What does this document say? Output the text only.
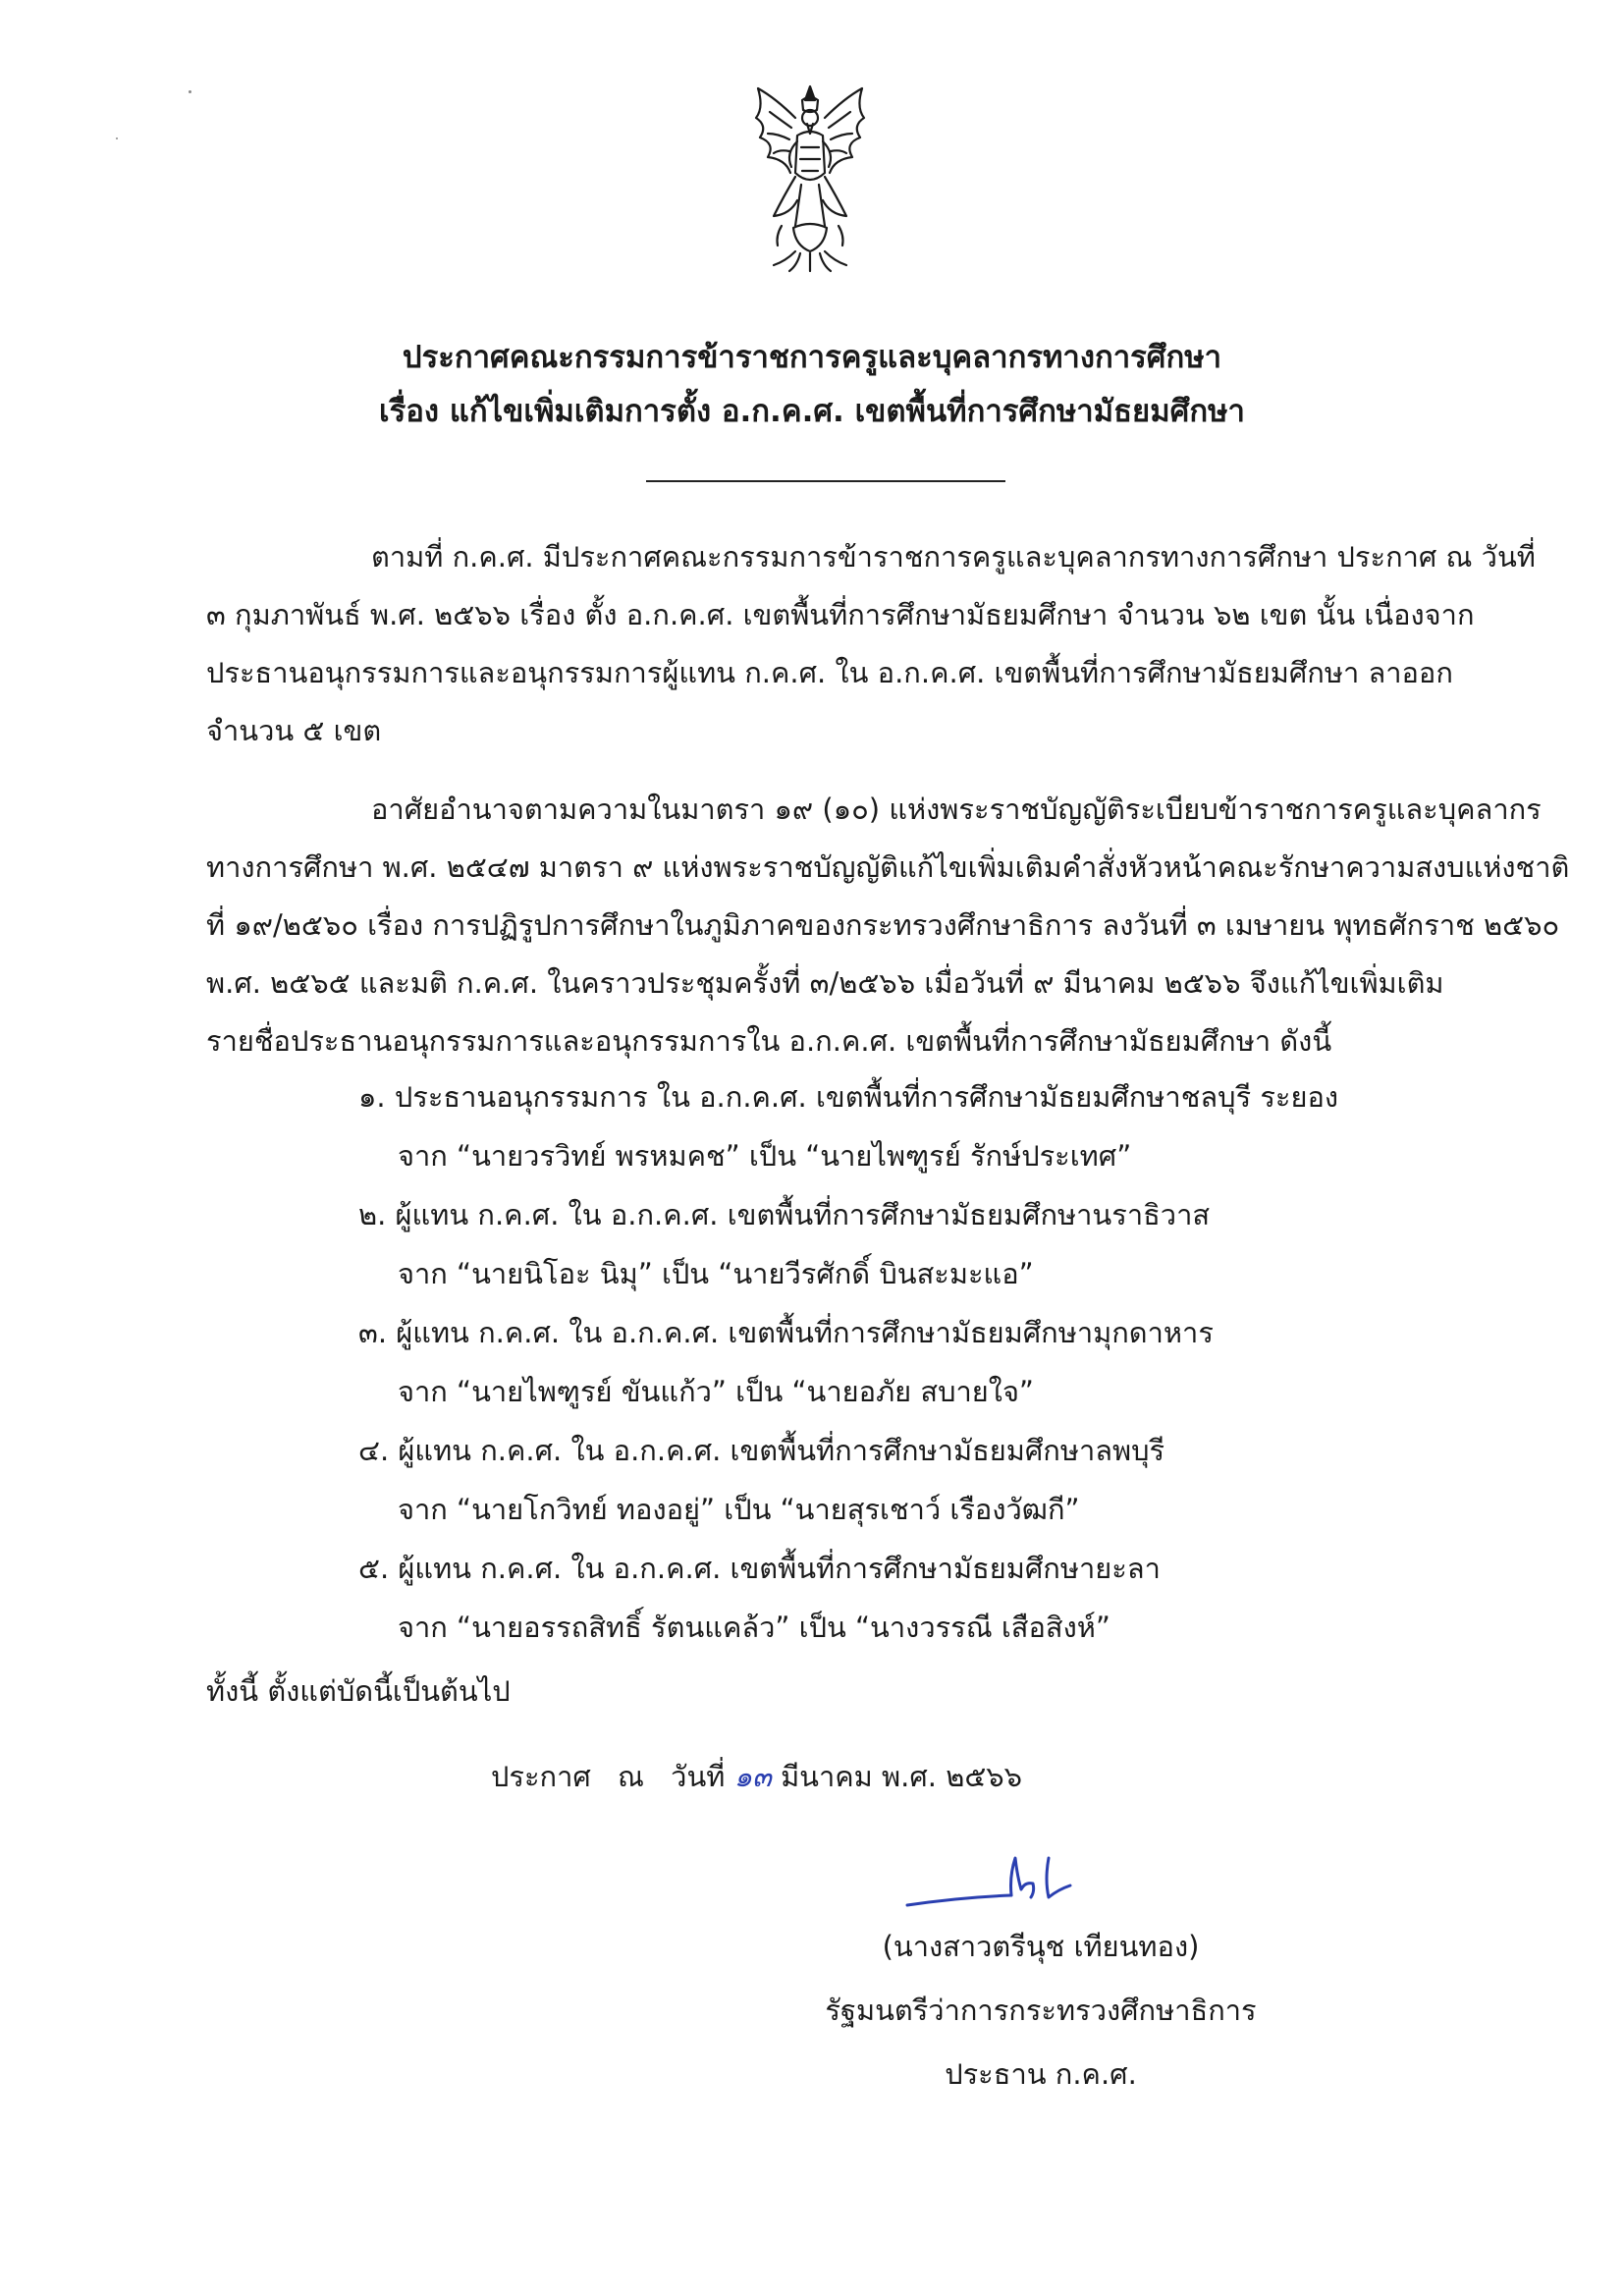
ประกาศคณะกรรมการข้าราชการครูและบุคลากรทางการศึกษา
เรื่อง แก้ไขเพิ่มเติมการตั้ง อ.ก.ค.ศ. เขตพื้นที่การศึกษามัธยมศึกษา

ตามที่ ก.ค.ศ. มีประกาศคณะกรรมการข้าราชการครูและบุคลากรทางการศึกษา ประกาศ ณ วันที่

๓ กุมภาพันธ์ พ.ศ. ๒๕๖๖ เรื่อง ตั้ง อ.ก.ค.ศ. เขตพื้นที่การศึกษามัธยมศึกษา จำนวน ๖๒ เขต นั้น เนื่องจาก

ประธานอนุกรรมการและอนุกรรมการผู้แทน ก.ค.ศ. ใน อ.ก.ค.ศ. เขตพื้นที่การศึกษามัธยมศึกษา ลาออก

จำนวน ๕ เขต

อาศัยอำนาจตามความในมาตรา ๑๙ (๑๐) แห่งพระราชบัญญัติระเบียบข้าราชการครูและบุคลากร

ทางการศึกษา พ.ศ. ๒๕๔๗ มาตรา ๙ แห่งพระราชบัญญัติแก้ไขเพิ่มเติมคำสั่งหัวหน้าคณะรักษาความสงบแห่งชาติ

ที่ ๑๙/๒๕๖๐ เรื่อง การปฏิรูปการศึกษาในภูมิภาคของกระทรวงศึกษาธิการ ลงวันที่ ๓ เมษายน พุทธศักราช ๒๕๖๐

พ.ศ. ๒๕๖๕ และมติ ก.ค.ศ. ในคราวประชุมครั้งที่ ๓/๒๕๖๖ เมื่อวันที่ ๙ มีนาคม ๒๕๖๖ จึงแก้ไขเพิ่มเติม

รายชื่อประธานอนุกรรมการและอนุกรรมการใน อ.ก.ค.ศ. เขตพื้นที่การศึกษามัธยมศึกษา ดังนี้

๑. ประธานอนุกรรมการ ใน อ.ก.ค.ศ. เขตพื้นที่การศึกษามัธยมศึกษาชลบุรี ระยอง
จาก “นายวรวิทย์ พรหมคช” เป็น “นายไพฑูรย์ รักษ์ประเทศ”
๒. ผู้แทน ก.ค.ศ. ใน อ.ก.ค.ศ. เขตพื้นที่การศึกษามัธยมศึกษานราธิวาส
จาก “นายนิโอะ นิมุ” เป็น “นายวีรศักดิ์ บินสะมะแอ”
๓. ผู้แทน ก.ค.ศ. ใน อ.ก.ค.ศ. เขตพื้นที่การศึกษามัธยมศึกษามุกดาหาร
จาก “นายไพฑูรย์ ขันแก้ว” เป็น “นายอภัย สบายใจ”
๔. ผู้แทน ก.ค.ศ. ใน อ.ก.ค.ศ. เขตพื้นที่การศึกษามัธยมศึกษาลพบุรี
จาก “นายโกวิทย์ ทองอยู่” เป็น “นายสุรเชาว์ เรืองวัฒกี”
๕. ผู้แทน ก.ค.ศ. ใน อ.ก.ค.ศ. เขตพื้นที่การศึกษามัธยมศึกษายะลา
จาก “นายอรรถสิทธิ์ รัตนแคล้ว” เป็น “นางวรรณี เสือสิงห์”
ทั้งนี้ ตั้งแต่บัดนี้เป็นต้นไป
ประกาศ ณ วันที่ ๑๓ มีนาคม พ.ศ. ๒๕๖๖
(นางสาวตรีนุช เทียนทอง)
รัฐมนตรีว่าการกระทรวงศึกษาธิการ
ประธาน ก.ค.ศ.
